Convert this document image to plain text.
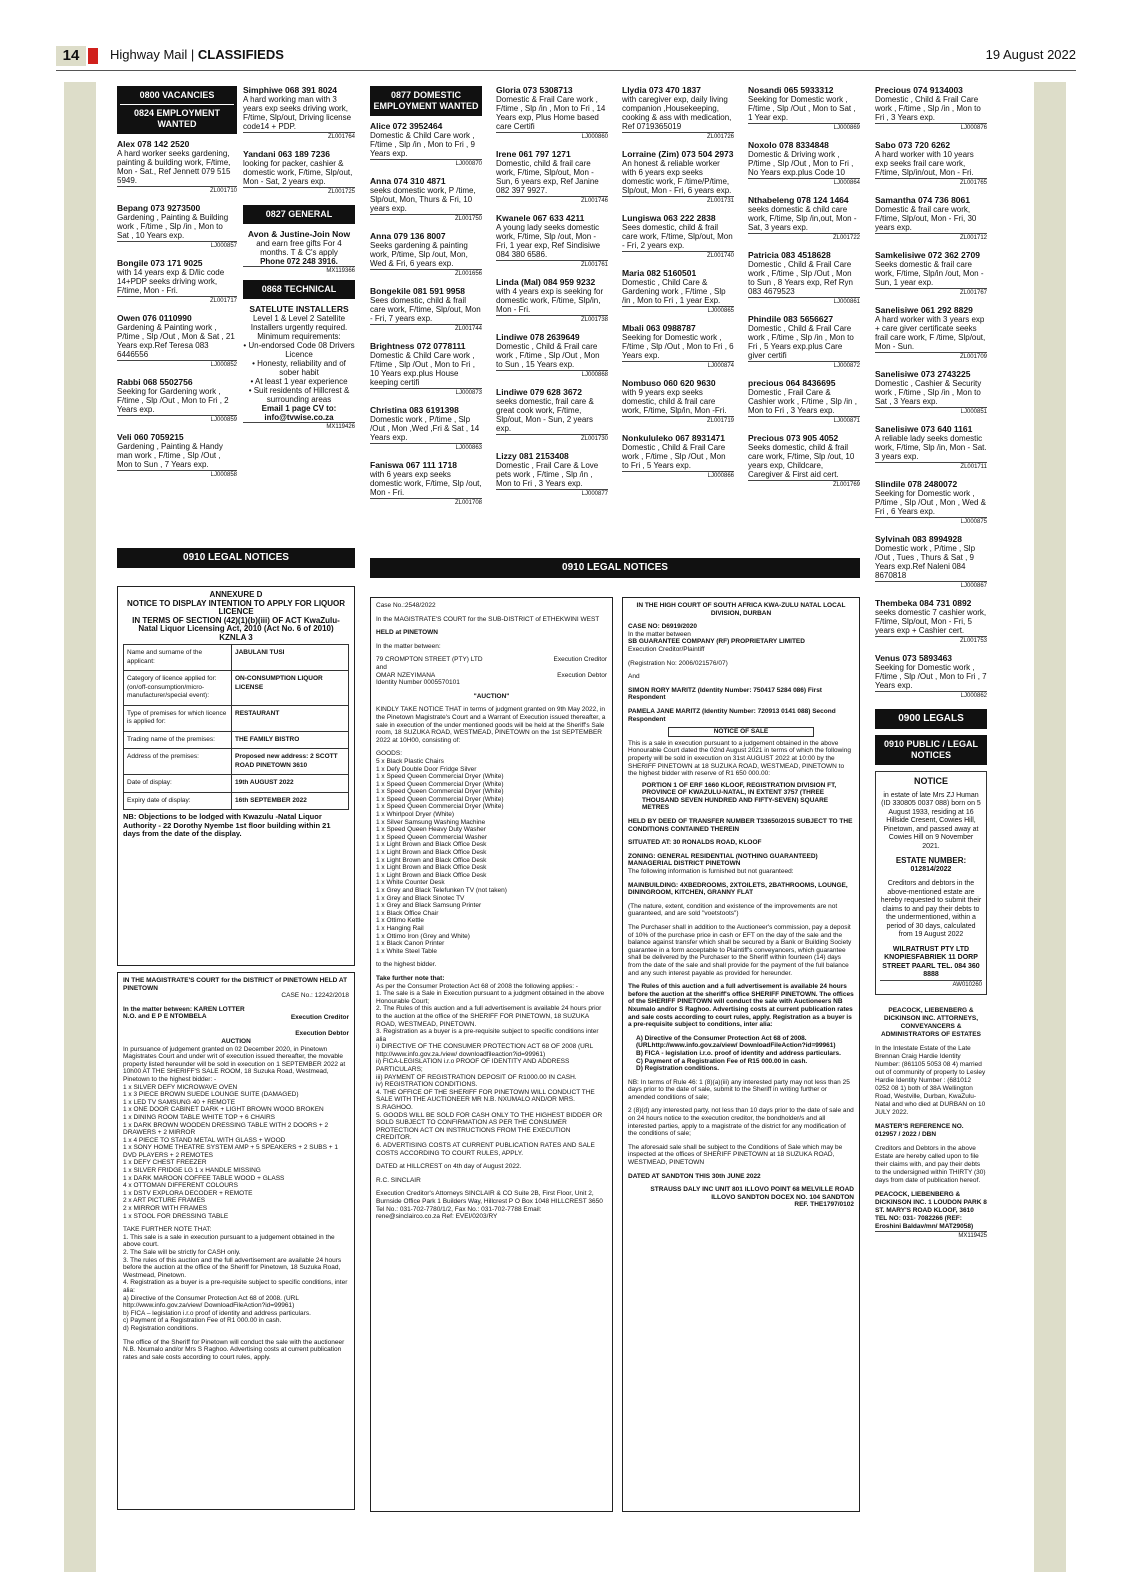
14	Highway Mail | CLASSIFIEDS	19 August 2022
0800 VACANCIES
0824 EMPLOYMENT WANTED
Alex 078 142 2520
A hard worker seeks gardening, painting & building work, F/time, Mon - Sat., Ref Jennett 079 515 5949.
ZL001710
Bepang 073 9273500
Gardening , Painting & Building work , F/time , Slp /in , Mon to Sat , 10 Years exp.
LJ000857
Bongile 073 171 9025
with 14 years exp & D/lic code 14+PDP seeks driving work, F/time, Mon - Fri.
ZL001717
Owen 076 0110990
Gardening & Painting work , P/time , Slp /Out , Mon & Sat , 21 Years exp.Ref Teresa 083 6446556
LJ000852
Rabbi 068 5502756
Seeking for Gardening work , F/time , Slp /Out , Mon to Fri , 2 Years exp.
LJ000859
Veli 060 7059215
Gardening , Painting & Handy man work , F/time , Slp /Out , Mon to Sun , 7 Years exp.
LJ000858
Simphiwe 068 391 8024
A hard working man with 3 years exp seeks driving work, F/time, Slp/out, Driving license code14 + PDP.
ZL001764
Yandani 063 189 7236
looking for packer, cashier & domestic work, F/time, Slp/out, Mon - Sat, 2 years exp.
ZL001725
0827 GENERAL
Avon & Justine-Join Now
and earn free gifts For 4 months. T & C's apply
Phone 072 248 3916.
MX119366
0868 TECHNICAL
SATELUTE INSTALLERS
Level 1 & Level 2 Satellite Installers urgently required. Minimum requirements:
• Un-endorsed Code 08 Drivers Licence
• Honesty, reliability and of sober habit
• At least 1 year experience
• Suit residents of Hillcrest & surrounding areas
Email 1 page CV to: info@tvwise.co.za
MX119426
0877 DOMESTIC EMPLOYMENT WANTED
Alice 072 3952464
Domestic & Child Care work , F/time , Slp /in , Mon to Fri , 9 Years exp.
LJ000870
Anna 074 310 4871
seeks domestic work, P /time, Slp/out, Mon, Thurs & Fri, 10 years exp.
ZL001750
Anna 079 136 8007
Seeks gardening & painting work, P/time, Slp /out, Mon, Wed & Fri, 6 years exp.
ZL001656
Bongekile 081 591 9958
Sees domestic, child & frail care work, F/time, Slp/out, Mon - Fri, 7 years exp.
ZL001744
Brightness 072 0778111
Domestic & Child Care work , F/time , Slp /Out , Mon to Fri , 10 Years exp.plus House keeping certifi
LJ000873
Christina 083 6191398
Domestic work , P/time , Slp /Out , Mon ,Wed ,Fri & Sat , 14 Years exp.
LJ000863
Faniswa 067 111 1718
with 6 years exp seeks domestic work, F/time, Slp /out, Mon - Fri.
ZL001708
Gloria 073 5308713
Domestic & Frail Care work , F/time , Slp /in , Mon to Fri , 14 Years exp, Plus Home based care Certifi
LJ000860
Irene 061 797 1271
Domestic, child & frail care work, F/time, Slp/out, Mon - Sun, 6 years exp, Ref Janine 082 397 9927.
ZL001746
Kwanele 067 633 4211
A young lady seeks domestic work, F/time, Slp /out, Mon - Fri, 1 year exp, Ref Sindisiwe 084 380 6586.
ZL001761
Linda (Mal) 084 959 9232
with 4 years exp is seeking for domestic work, F/time, Slp/in, Mon - Fri.
ZL001738
Lindiwe 078 2639649
Domestic , Child & Frail care work , F/time , Slp /Out , Mon to Sun , 15 Years exp.
LJ000868
Lindiwe 079 628 3672
seeks domestic, frail care & great cook work, F/time, Slp/out, Mon - Sun, 2 years exp.
ZL001730
Lizzy 081 2153408
Domestic , Frail Care & Love pets work , F/time , Slp /in , Mon to Fri , 3 Years exp.
LJ000877
Llydia 073 470 1837
with caregiver exp, daily living companion ,Housekeeping, cooking & ass with medication, Ref 0719365019
ZL001726
Lorraine (Zim) 073 504 2973
An honest & reliable worker with 6 years exp seeks domestic work, F /time/P/time, Slp/out, Mon - Fri, 6 years exp.
ZL001731
Lungiswa 063 222 2838
Sees domestic, child & frail care work, F/time, Slp/out, Mon - Fri, 2 years exp.
ZL001740
Maria 082 5160501
Domestic , Child Care & Gardening work , F/time , Slp /in , Mon to Fri , 1 year Exp.
LJ000865
Mbali 063 0988787
Seeking for Domestic work , F/time , Slp /Out , Mon to Fri , 6 Years exp.
LJ000874
Nombuso 060 620 9630
with 9 years exp seeks domestic, child & frail care work, F/time, Slp/in, Mon -Fri.
ZL001719
Nonkululeko 067 8931471
Domestic , Child & Frail Care work , F/time , Slp /Out , Mon to Fri , 5 Years exp.
LJ000866
Nosandi 065 5933312
Seeking for Domestic work , F/time , Slp /Out , Mon to Sat , 1 Year exp.
LJ000869
Noxolo 078 8334848
Domestic & Driving work , P/time , Slp /Out , Mon to Fri , No Years exp.plus Code 10
LJ000864
Nthabeleng 078 124 1464
seeks domestic & child care work, F/time, Slp /in,out, Mon - Sat, 3 years exp.
ZL001722
Patricia 083 4518628
Domestic , Child & Frail Care work , F/time , Slp /Out , Mon to Sun , 8 Years exp, Ref Ryn 083 4679523
LJ000861
Phindile 083 5656627
Domestic , Child & Frail Care work , F/time , Slp /in , Mon to Fri , 5 Years exp.plus Care giver certifi
LJ000872
precious 064 8436695
Domestic , Frail Care & Cashier work , F/time , Slp /in , Mon to Fri , 3 Years exp.
LJ000871
Precious 073 905 4052
Seeks domestic, child & frail care work, F/time, Slp /out, 10 years exp, Childcare, Caregiver & First aid cert.
ZL001769
Precious 074 9134003
Domestic , Child & Frail Care work , F/time , Slp /in , Mon to Fri , 3 Years exp.
LJ000876
Sabo 073 720 6262
A hard worker with 10 years exp seeks frail care work, F/time, Slp/in/out, Mon - Fri.
ZL001765
Samantha 074 736 8061
Domestic & frail care work, F/time, Slp/out, Mon - Fri, 30 years exp.
ZL001712
Samkelisiwe 072 362 2709
Seeks domestic & frail care work, F/time, Slp/in /out, Mon - Sun, 1 year exp.
ZL001767
Sanelisiwe 061 292 8829
A hard worker with 3 years exp + care giver certificate seeks frail care work, F /time, Slp/out, Mon - Sun.
ZL001709
Sanelisiwe 073 2743225
Domestic , Cashier & Security work , F/time , Slp /in , Mon to Sat , 3 Years exp.
LJ000851
Sanelisiwe 073 640 1161
A reliable lady seeks domestic work, F/time, Slp /in, Mon - Sat. 3 years exp.
ZL001711
Slindile 078 2480072
Seeking for Domestic work , P/time , Slp /Out , Mon , Wed & Fri , 6 Years exp.
LJ000875
Sylvinah 083 8994928
Domestic work , P/time , Slp /Out , Tues , Thurs & Sat , 9 Years exp.Ref Naleni 084 8670818
LJ000867
Thembeka 084 731 0892
seeks domestic 7 cashier work, F/time, Slp/out, Mon - Fri, 5 years exp + Cashier cert.
ZL001753
Venus 073 5893463
Seeking for Domestic work , F/time , Slp /Out , Mon to Fri , 7 Years exp.
LJ000862
0900 LEGALS
0910 PUBLIC / LEGAL NOTICES
NOTICE
in estate of late Mrs ZJ Human (ID 330805 0037 088) born on 5 August 1933, residing at 16 Hillside Cresent, Cowies Hill, Pinetown, and passed away at Cowies Hill on 9 November 2021.
ESTATE NUMBER:
012814/2022
Creditors and debtors in the above-mentioned estate are hereby requested to submit their claims to and pay their debts to the undermentioned, within a period of 30 days, calculated from 19 August 2022
WILRATRUST PTY LTD KNOPIESFABRIEK 11 DORP STREET PAARL TEL. 084 360 8888
AW010260
PEACOCK, LIEBENBERG & DICKINSON INC. ATTORNEYS, CONVEYANCERS & ADMINISTRATORS OF ESTATES
In the Intestate Estate of the Late Brennan Craig Hardie Identity Number: (861105 5053 08 4) married out of community of property to Lesley Hardie Identity Number : (681012 0252 08 1) both of 38A Wellington Road, Westville, Durban, KwaZulu-Natal and who died at DURBAN on 10 JULY 2022.
MASTER'S REFERENCE NO. 012957 / 2022 / DBN
Creditors and Debtors in the above Estate are hereby called upon to file their claims with, and pay their debts to the undersigned within THIRTY (30) days from date of publication hereof.
PEACOCK, LIEBENBERG & DICKINSON INC. 1 LOUDON PARK 8 ST. MARY'S ROAD KLOOF, 3610 TEL NO: 031- 7082266 (REF: Eroshini Baldav/mn/ MAT29058)
MX119425
0910 LEGAL NOTICES
ANNEXURE D
NOTICE TO DISPLAY INTENTION TO APPLY FOR LIQUOR LICENCE
IN TERMS OF SECTION (42)(1)(b)(iii) OF ACT KwaZulu-Natal Liquor Licensing Act, 2010 (Act No. 6 of 2010)
KZNLA 3
Name and surname of the applicant:	JABULANI TUSI
Category of licence applied for: (on/off-consumption/micro-manufacturer/special event):	ON-CONSUMPTION LIQUOR LICENSE
Type of premises for which licence is applied for:	RESTAURANT
Trading name of the premises:	THE FAMILY BISTRO
Address of the premises:	Proposed new address: 2 SCOTT ROAD PINETOWN 3610
Date of display:	19th AUGUST 2022
Expiry date of display:	16th SEPTEMBER 2022
NB: Objections to be lodged with Kwazulu -Natal Liquor Authority - 22 Dorothy Nyembe 1st floor building within 21 days from the date of the display.
IN THE MAGISTRATE'S COURT for the DISTRICT of PINETOWN HELD AT PINETOWN
CASE No.: 12242/2018
In the matter between: KAREN LOTTER N.O. and E P E NTOMBELA	Execution Creditor
Execution Debtor
AUCTION
In pursuance of judgement granted on 02 December 2020, in Pinetown Magistrates Court and under writ of execution issued thereafter, the movable property listed hereunder will be sold in execution on 1 SEPTEMBER 2022 at 10h00 AT THE SHERIFF'S SALE ROOM, 18 Suzuka Road, Westmead, Pinetown to the highest bidder: -
1 x SILVER DEFY MICROWAVE OVEN
1 x 3 PIECE BROWN SUEDE LOUNGE SUITE (DAMAGED)
1 x LED TV SAMSUNG 40 + REMOTE
1 x ONE DOOR CABINET DARK + LIGHT BROWN WOOD BROKEN
1 x DINING ROOM TABLE WHITE TOP + 6 CHAIRS
1 x DARK BROWN WOODEN DRESSING TABLE WITH 2 DOORS + 2 DRAWERS + 2 MIRROR
1 x 4 PIECE TO STAND METAL WITH GLASS + WOOD
1 x SONY HOME THEATRE SYSTEM AMP + 5 SPEAKERS + 2 SUBS + 1 DVD PLAYERS + 2 REMOTES
1 x DEFY CHEST FREEZER
1 x SILVER FRIDGE LG 1 x HANDLE MISSING
1 x DARK MAROON COFFEE TABLE WOOD + GLASS
4 x OTTOMAN DIFFERENT COLOURS
1 x DSTV EXPLORA DECODER + REMOTE
2 x ART PICTURE FRAMES
2 x MIRROR WITH FRAMES
1 x STOOL FOR DRESSING TABLE
TAKE FURTHER NOTE THAT:
1. This sale is a sale in execution pursuant to a judgement obtained in the above court.
2. The Sale will be strictly for CASH only.
3. The rules of this auction and the full advertisement are available 24 hours before the auction at the office of the Sheriff for Pinetown, 18 Suzuka Road, Westmead, Pinetown.
4. Registration as a buyer is a pre-requisite subject to specific conditions, inter alia:
a) Directive of the Consumer Protection Act 68 of 2008. (URL http://www.info.gov.za/view/ DownloadFileAction?id=99961)
b) FICA – legislation i.r.o proof of identity and address particulars.
c) Payment of a Registration Fee of R1 000.00 in cash.
d) Registration conditions.
The office of the Sheriff for Pinetown will conduct the sale with the auctioneer N.B. Nxumalo and/or Mrs S Raghoo. Advertising costs at current publication rates and sale costs according to court rules, apply.
0910 LEGAL NOTICES
Case No.:2548/2022
In the MAGISTRATE'S COURT for the SUB-DISTRICT of ETHEKWINI WEST
HELD at PINETOWN
In the matter between:
79 CROMPTON STREET (PTY) LTD	Execution Creditor
and
OMAR NZEYIMANA	Execution Debtor
Identity Number 0005570101
"AUCTION"
KINDLY TAKE NOTICE THAT in terms of judgment granted on 9th May 2022, in the Pinetown Magistrate's Court and a Warrant of Execution issued thereafter, a sale in execution of the under mentioned goods will be held at the Sheriff's Sale room, 18 SUZUKA ROAD, WESTMEAD, PINETOWN on the 1st SEPTEMBER 2022 at 10H00, consisting of:
GOODS:
5 x Black Plastic Chairs
1 x Defy Double Door Fridge Silver
1 x Speed Queen Commercial Dryer (White)
1 x Speed Queen Commercial Dryer (White)
1 x Speed Queen Commercial Dryer (White)
1 x Speed Queen Commercial Dryer (White)
1 x Speed Queen Commercial Dryer (White)
1 x Whirlpool Dryer (White)
1 x Silver Samsung Washing Machine
1 x Speed Queen Heavy Duty Washer
1 x Speed Queen Commercial Washer
1 x Light Brown and Black Office Desk
1 x Light Brown and Black Office Desk
1 x Light Brown and Black Office Desk
1 x Light Brown and Black Office Desk
1 x Light Brown and Black Office Desk
1 x White Counter Desk
1 x Grey and Black Telefunken TV (not taken)
1 x Grey and Black Sinotec TV
1 x Grey and Black Samsung Printer
1 x Black Office Chair
1 x Ottimo Kettle
1 x Hanging Rail
1 x Ottimo Iron (Grey and White)
1 x Black Canon Printer
1 x White Steel Table
to the highest bidder.
Take further note that:
As per the Consumer Protection Act 68 of 2008 the following applies: -
1. The sale is a Sale in Execution pursuant to a judgment obtained in the above Honourable Court;
2. The Rules of this auction and a full advertisement is available 24 hours prior to the auction at the office of the SHERIFF FOR PINETOWN, 18 SUZUKA ROAD, WESTMEAD, PINETOWN.
3. Registration as a buyer is a pre-requisite subject to specific conditions inter alia
i) DIRECTIVE OF THE CONSUMER PROTECTION ACT 68 OF 2008 (URL http://www.info.gov.za./view/ downloadfileaction?id=99961)
ii) FICA-LEGISLATION i.r.o PROOF OF IDENTITY AND ADDRESS PARTICULARS;
iii) PAYMENT OF REGISTRATION DEPOSIT OF R1000.00 IN CASH.
iv) REGISTRATION CONDITIONS.
4. THE OFFICE OF THE SHERIFF FOR PINETOWN WILL CONDUCT THE SALE WITH THE AUCTIONEER MR N.B. NXUMALO AND/OR MRS. S.RAGHOO.
5. GOODS WILL BE SOLD FOR CASH ONLY TO THE HIGHEST BIDDER OR SOLD SUBJECT TO CONFIRMATION AS PER THE CONSUMER PROTECTION ACT ON INSTRUCTIONS FROM THE EXECUTION CREDITOR.
6. ADVERTISING COSTS AT CURRENT PUBLICATION RATES AND SALE COSTS ACCORDING TO COURT RULES, APPLY.
DATED at HILLCREST on 4th day of August 2022.
R.C. SINCLAIR
Execution Creditor's Attorneys SINCLAIR & CO Suite 2B, First Floor, Unit 2, Burnside Office Park 1 Builders Way, Hillcrest P O Box 1048 HILLCREST 3650 Tel No.: 031-702-7780/1/2, Fax No.: 031-702-7788 Email: rene@sinclairco.co.za Ref: EVEI/0203/RY
IN THE HIGH COURT OF SOUTH AFRICA KWA-ZULU NATAL LOCAL DIVISION, DURBAN
CASE NO: D6919/2020
In the matter between
SB GUARANTEE COMPANY (RF) PROPRIETARY LIMITED
Execution Creditor/Plaintiff
(Registration No: 2006/021576/07)
And
SIMON RORY MARITZ (Identity Number: 750417 5284 086) First Respondent
PAMELA JANE MARITZ (Identity Number: 720913 0141 088) Second Respondent
NOTICE OF SALE
This is a sale in execution pursuant to a judgement obtained in the above Honourable Court dated the 02nd August 2021 in terms of which the following property will be sold in execution on 31st AUGUST 2022 at 10:00 by the SHERIFF PINETOWN at 18 SUZUKA ROAD, WESTMEAD, PINETOWN to the highest bidder with reserve of R1 650 000.00:
PORTION 1 OF ERF 1660 KLOOF, REGISTRATION DIVISION FT, PROVINCE OF KWAZULU-NATAL, IN EXTENT 3757 (THREE THOUSAND SEVEN HUNDRED AND FIFTY-SEVEN) SQUARE METRES
HELD BY DEED OF TRANSFER NUMBER T33650/2015 SUBJECT TO THE CONDITIONS CONTAINED THEREIN
SITUATED AT: 30 RONALDS ROAD, KLOOF
ZONING: GENERAL RESIDENTIAL (NOTHING GUARANTEED) MANAGERIAL DISTRICT PINETOWN
The following information is furnished but not guaranteed:
MAINBUILDING: 4XBEDROOMS, 2XTOILETS, 2BATHROOMS, LOUNGE, DININGROOM, KITCHEN, GRANNY FLAT
(The nature, extent, condition and existence of the improvements are not guaranteed, and are sold "voetstoots")
The Purchaser shall in addition to the Auctioneer's commission, pay a deposit of 10% of the purchase price in cash or EFT on the day of the sale and the balance against transfer which shall be secured by a Bank or Building Society guarantee in a form acceptable to Plaintiff's conveyancers, which guarantee shall be delivered by the Purchaser to the Sheriff within fourteen (14) days from the date of the sale and shall provide for the payment of the full balance and any such interest payable as provided for hereunder.
The Rules of this auction and a full advertisement is available 24 hours before the auction at the sheriff's office SHERIFF PINETOWN. The offices of the SHERIFF PINETOWN will conduct the sale with Auctioneers NB Nxumalo and/or S Raghoo. Advertising costs at current publication rates and sale costs according to court rules, apply. Registration as a buyer is a pre-requisite subject to conditions, inter alia:
A) Directive of the Consumer Protection Act 68 of 2008. (URLhttp://www.info.gov.za/view/ DownloadFileAction?id=99961)
B) FICA - legislation i.r.o. proof of identity and address particulars.
C) Payment of a Registration Fee of R15 000.00 in cash.
D) Registration conditions.
NB: In terms of Rule 46: 1 (8)(a)(iii) any interested party may not less than 25 days prior to the date of sale, submit to the Sheriff in writing further or amended conditions of sale;
2 (8)(d) any interested party, not less than 10 days prior to the date of sale and on 24 hours notice to the execution creditor, the bondholder/s and all interested parties, apply to a magistrate of the district for any modification of the conditions of sale;
The aforesaid sale shall be subject to the Conditions of Sale which may be inspected at the offices of SHERIFF PINETOWN at 18 SUZUKA ROAD, WESTMEAD, PINETOWN
DATED AT SANDTON THIS 30th JUNE 2022
STRAUSS DALY INC UNIT 801 ILLOVO POINT 68 MELVILLE ROAD ILLOVO SANDTON DOCEX NO. 104 SANDTON
REF. THE1797/0102
